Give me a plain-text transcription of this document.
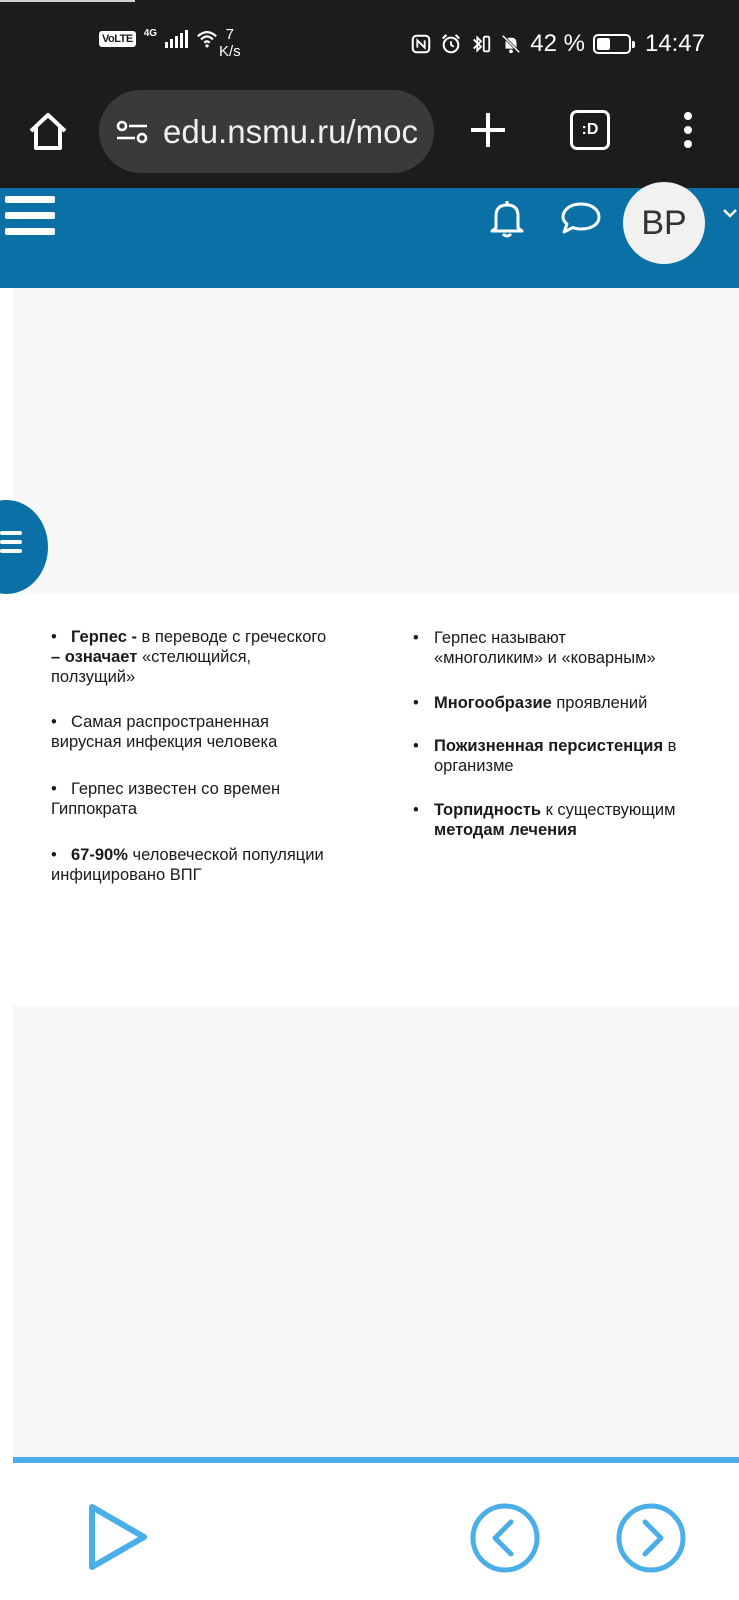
VoLTE	4G	7
K/s	42 %	14:47
edu.nsmu.ru/moc	:D
BP
• Герпес - в переводе с греческого
– означает «стелющийся,
ползущий»
• Самая распространенная
вирусная инфекция человека
• Герпес известен со времен
Гиппократа
• 67-90% человеческой популяции
инфицировано ВПГ
• Герпес называют
«многоликим» и «коварным»
• Многообразие проявлений
• Пожизненная персистенция в
организме
• Торпидность к существующим
методам лечения
